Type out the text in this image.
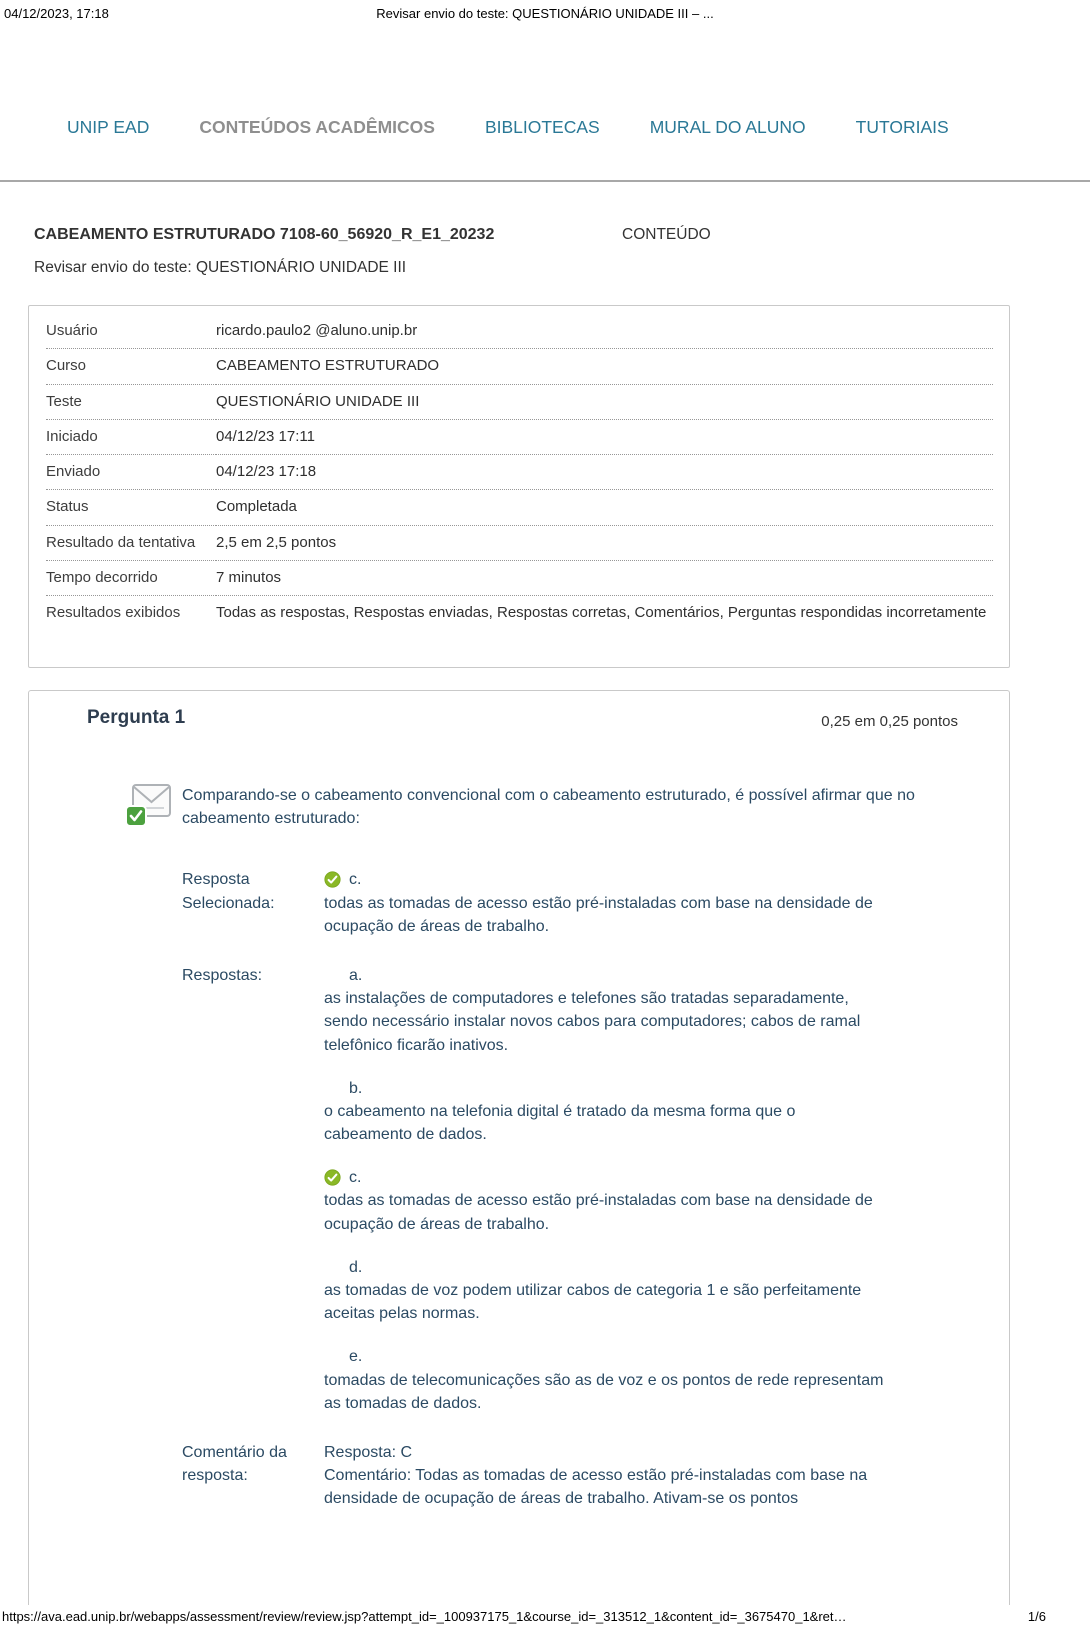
04/12/2023, 17:18	Revisar envio do teste: QUESTIONÁRIO UNIDADE III – ...
UNIP EAD	CONTEÚDOS ACADÊMICOS	BIBLIOTECAS	MURAL DO ALUNO	TUTORIAIS
CABEAMENTO ESTRUTURADO 7108-60_56920_R_E1_20232	CONTEÚDO
Revisar envio do teste: QUESTIONÁRIO UNIDADE III
Usuário	ricardo.paulo2 @aluno.unip.br
Curso	CABEAMENTO ESTRUTURADO
Teste	QUESTIONÁRIO UNIDADE III
Iniciado	04/12/23 17:11
Enviado	04/12/23 17:18
Status	Completada
Resultado da tentativa	2,5 em 2,5 pontos
Tempo decorrido	7 minutos
Resultados exibidos	Todas as respostas, Respostas enviadas, Respostas corretas, Comentários, Perguntas respondidas incorretamente
Pergunta 1	0,25 em 0,25 pontos
Comparando-se o cabeamento convencional com o cabeamento estruturado, é possível afirmar que no cabeamento estruturado:
Resposta Selecionada:
c.
todas as tomadas de acesso estão pré-instaladas com base na densidade de ocupação de áreas de trabalho.
Respostas:	a.
as instalações de computadores e telefones são tratadas separadamente, sendo necessário instalar novos cabos para computadores; cabos de ramal telefônico ficarão inativos.
b.
o cabeamento na telefonia digital é tratado da mesma forma que o cabeamento de dados.
c.
todas as tomadas de acesso estão pré-instaladas com base na densidade de ocupação de áreas de trabalho.
d.
as tomadas de voz podem utilizar cabos de categoria 1 e são perfeitamente aceitas pelas normas.
e.
tomadas de telecomunicações são as de voz e os pontos de rede representam as tomadas de dados.
Comentário da resposta:
Resposta: C
Comentário: Todas as tomadas de acesso estão pré-instaladas com base na densidade de ocupação de áreas de trabalho. Ativam-se os pontos
https://ava.ead.unip.br/webapps/assessment/review/review.jsp?attempt_id=_100937175_1&course_id=_313512_1&content_id=_3675470_1&ret…	1/6
